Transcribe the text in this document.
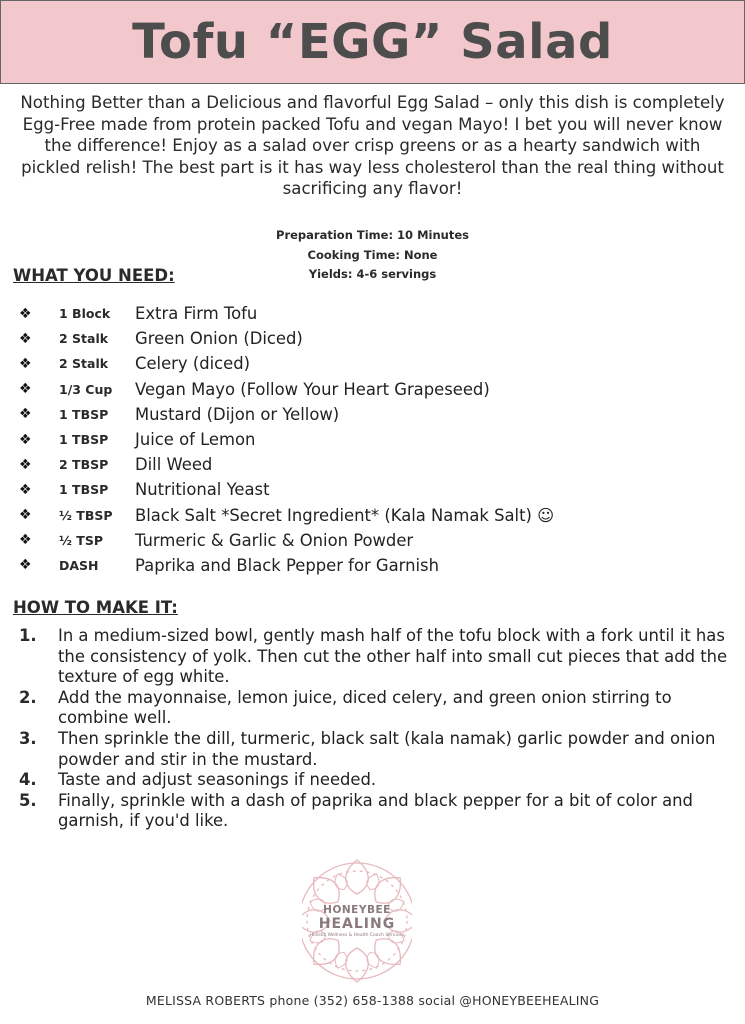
Tofu “EGG” Salad

Nothing Better than a Delicious and flavorful Egg Salad – only this dish is completely Egg-Free made from protein packed Tofu and vegan Mayo! I bet you will never know the difference! Enjoy as a salad over crisp greens or as a hearty sandwich with pickled relish! The best part is it has way less cholesterol than the real thing without sacrificing any flavor!

Preparation Time: 10 Minutes
Cooking Time: None
Yields: 4-6 servings
WHAT YOU NEED:
❖	1 Block	Extra Firm Tofu
❖	2 Stalk	Green Onion (Diced)
❖	2 Stalk	Celery (diced)
❖	1/3 Cup	Vegan Mayo (Follow Your Heart Grapeseed)
❖	1 TBSP	Mustard (Dijon or Yellow)
❖	1 TBSP	Juice of Lemon
❖	2 TBSP	Dill Weed
❖	1 TBSP	Nutritional Yeast
❖	½ TBSP	Black Salt *Secret Ingredient* (Kala Namak Salt) ☺
❖	½ TSP	Turmeric & Garlic & Onion Powder
❖	DASH	Paprika and Black Pepper for Garnish
HOW TO MAKE IT:
1.	In a medium-sized bowl, gently mash half of the tofu block with a fork until it has the consistency of yolk. Then cut the other half into small cut pieces that add the texture of egg white.
2.	Add the mayonnaise, lemon juice, diced celery, and green onion stirring to combine well.
3.	Then sprinkle the dill, turmeric, black salt (kala namak) garlic powder and onion powder and stir in the mustard.
4.	Taste and adjust seasonings if needed.
5.	Finally, sprinkle with a dash of paprika and black pepper for a bit of color and garnish, if you'd like.
HONEYBEE
HEALING
Holistic Wellness & Health Coach Services
MELISSA ROBERTS phone (352) 658-1388 social @HONEYBEEHEALING
